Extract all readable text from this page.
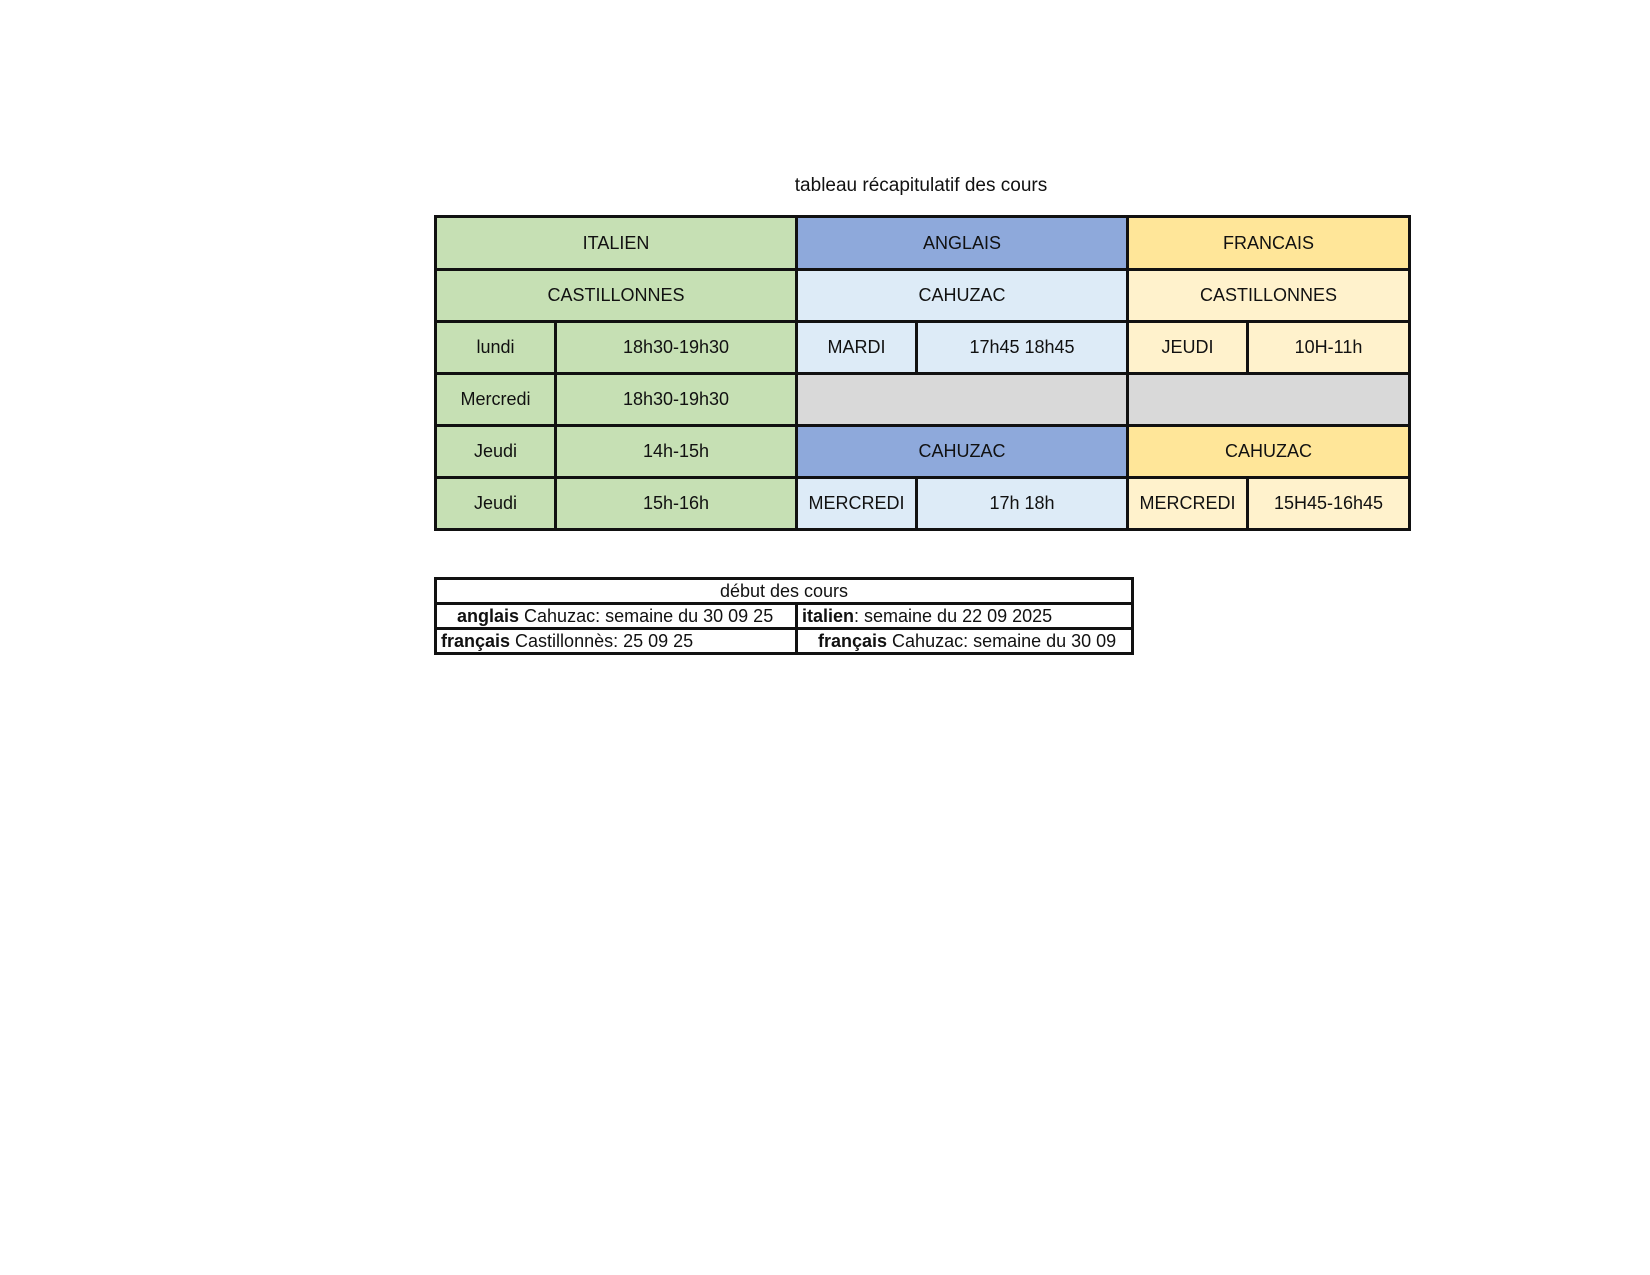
tableau récapitulatif des cours
ITALIEN		ANGLAIS		FRANCAIS	
CASTILLONNES		CAHUZAC		CASTILLONNES	
lundi	18h30-19h30	MARDI	17h45 18h45	JEUDI	10H-11h
Mercredi	18h30-19h30				
Jeudi	14h-15h	CAHUZAC		CAHUZAC	
Jeudi	15h-16h	MERCREDI	17h 18h	MERCREDI	15H45-16h45
début des cours	
anglais Cahuzac: semaine du 30 09 25	italien: semaine du 22 09 2025
français Castillonnès: 25 09 25	français Cahuzac: semaine du 30 09
